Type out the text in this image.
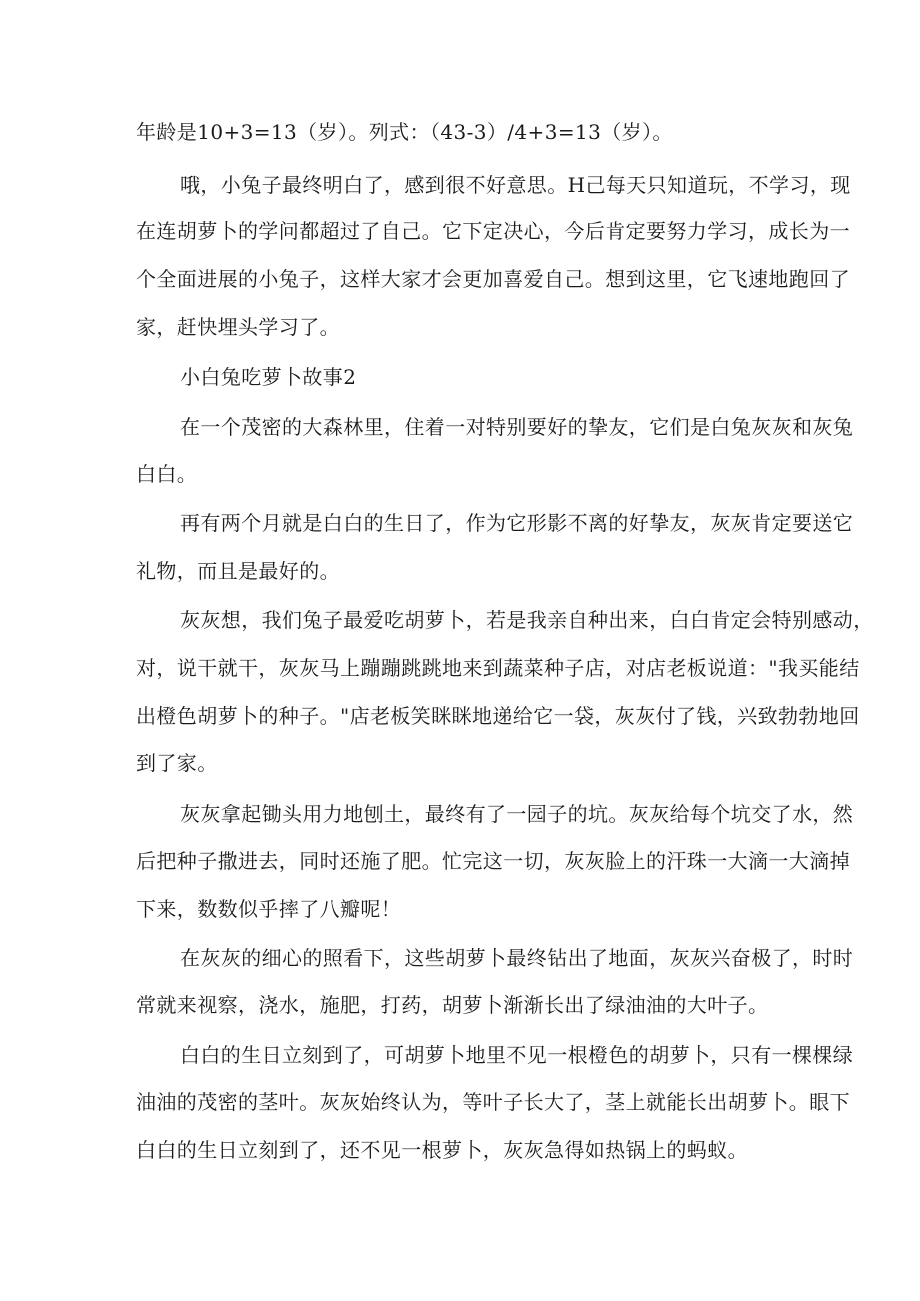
年龄是10+3=13（岁）。列式：（43-3）/4+3=13（岁）。
哦，小兔子最终明白了，感到很不好意思。H己每天只知道玩，不学习，现
在连胡萝卜的学问都超过了自己。它下定决心，今后肯定要努力学习，成长为一
个全面进展的小兔子，这样大家才会更加喜爱自己。想到这里，它飞速地跑回了
家，赶快埋头学习了。
小白兔吃萝卜故事2
在一个茂密的大森林里，住着一对特别要好的挚友，它们是白兔灰灰和灰兔
白白。
再有两个月就是白白的生日了，作为它形影不离的好挚友，灰灰肯定要送它
礼物，而且是最好的。
灰灰想，我们兔子最爱吃胡萝卜，若是我亲自种出来，白白肯定会特别感动，
对，说干就干，灰灰马上蹦蹦跳跳地来到蔬菜种子店，对店老板说道："我买能结
出橙色胡萝卜的种子。"店老板笑眯眯地递给它一袋，灰灰付了钱，兴致勃勃地回
到了家。
灰灰拿起锄头用力地刨土，最终有了一园子的坑。灰灰给每个坑交了水，然
后把种子撒进去，同时还施了肥。忙完这一切，灰灰脸上的汗珠一大滴一大滴掉
下来，数数似乎摔了八瓣呢！
在灰灰的细心的照看下，这些胡萝卜最终钻出了地面，灰灰兴奋极了，时时
常就来视察，浇水，施肥，打药，胡萝卜渐渐长出了绿油油的大叶子。
白白的生日立刻到了，可胡萝卜地里不见一根橙色的胡萝卜，只有一棵棵绿
油油的茂密的茎叶。灰灰始终认为，等叶子长大了，茎上就能长出胡萝卜。眼下
白白的生日立刻到了，还不见一根萝卜，灰灰急得如热锅上的蚂蚁。
